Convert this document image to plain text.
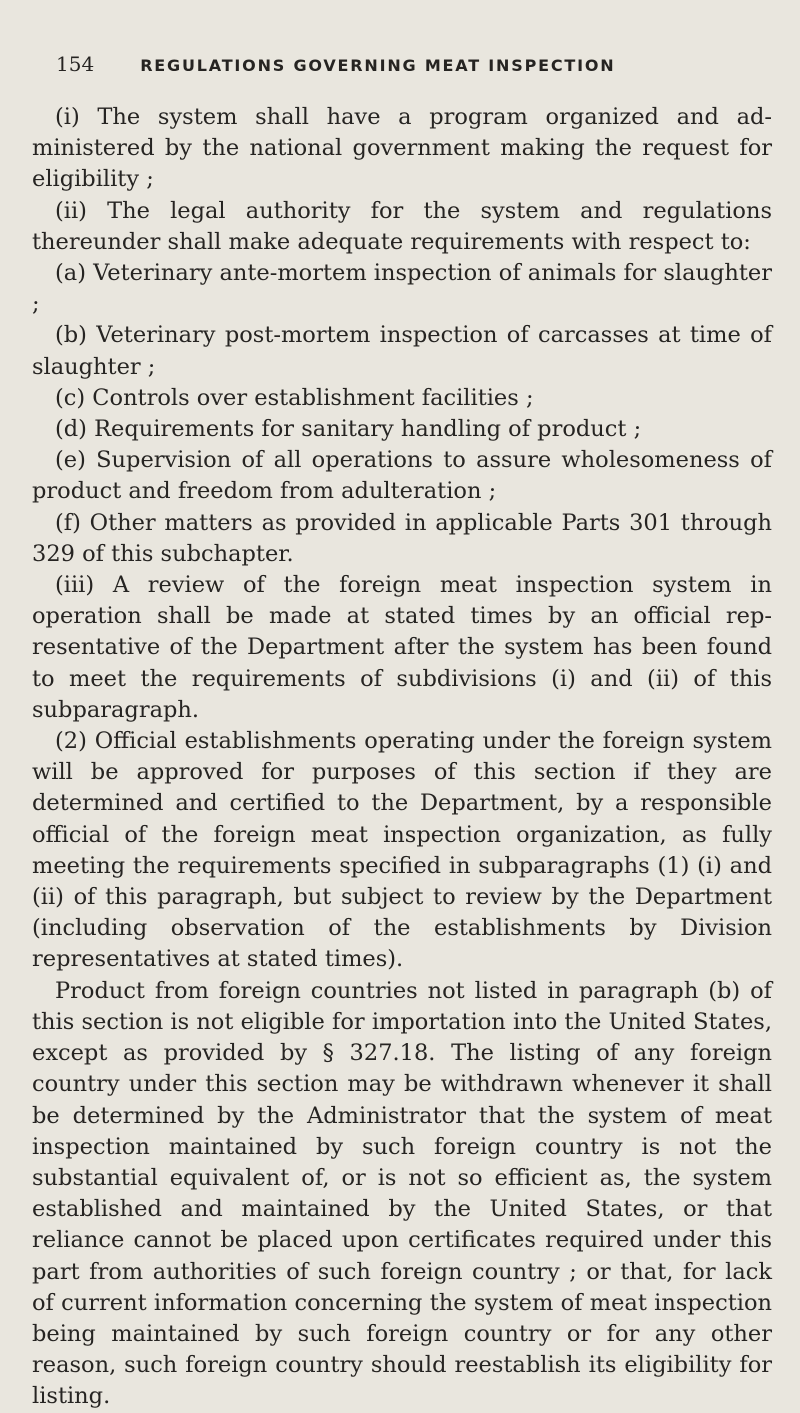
154	REGULATIONS GOVERNING MEAT INSPECTION

(i) The system shall have a program organized and administered by the national government making the request for eligibility ;

(ii) The legal authority for the system and regulations thereunder shall make adequate requirements with respect to:

(a) Veterinary ante-mortem inspection of animals for slaughter ;

(b) Veterinary post-mortem inspection of carcasses at time of slaughter ;

(c) Controls over establishment facilities ;

(d) Requirements for sanitary handling of product ;

(e) Supervision of all operations to assure wholesomeness of product and freedom from adulteration ;

(f) Other matters as provided in applicable Parts 301 through 329 of this subchapter.

(iii) A review of the foreign meat inspection system in operation shall be made at stated times by an official representative of the Department after the system has been found to meet the requirements of subdivisions (i) and (ii) of this subparagraph.

(2) Official establishments operating under the foreign system will be approved for purposes of this section if they are determined and certified to the Department, by a responsible official of the foreign meat inspection organization, as fully meeting the requirements specified in subparagraphs (1) (i) and (ii) of this paragraph, but subject to review by the Department (including observation of the establishments by Division representatives at stated times).

Product from foreign countries not listed in paragraph (b) of this section is not eligible for importation into the United States, except as provided by § 327.18. The listing of any foreign country under this section may be withdrawn whenever it shall be determined by the Administrator that the system of meat inspection maintained by such foreign country is not the substantial equivalent of, or is not so efficient as, the system established and maintained by the United States, or that reliance cannot be placed upon certificates required under this part from authorities of such foreign country ; or that, for lack of current information concerning the system of meat inspection being maintained by such foreign country or for any other reason, such foreign country should reestablish its eligibility for listing.
